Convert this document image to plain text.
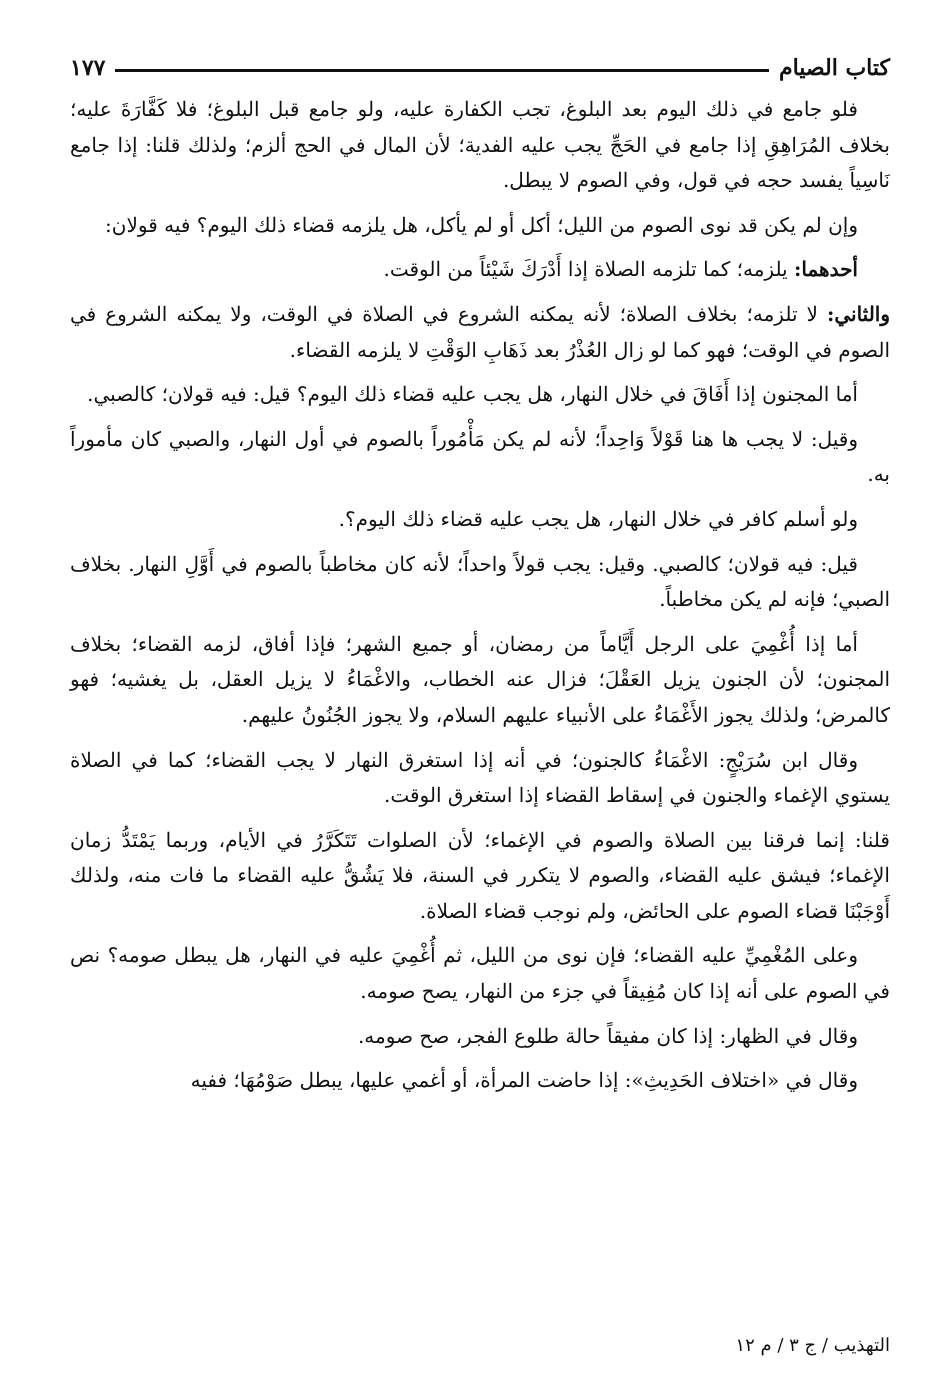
كتاب الصيام
١٧٧

فلو جامع في ذلك اليوم بعد البلوغ، تجب الكفارة عليه، ولو جامع قبل البلوغ؛ فلا كَفَّارَةَ عليه؛ بخلاف المُرَاهِقِ إذا جامع في الحَجِّ يجب عليه الفدية؛ لأن المال في الحج ألزم؛ ولذلك قلنا: إذا جامع نَاسِياً يفسد حجه في قول، وفي الصوم لا يبطل.

وإن لم يكن قد نوى الصوم من الليل؛ أكل أو لم يأكل، هل يلزمه قضاء ذلك اليوم؟ فيه قولان:

أحدهما: يلزمه؛ كما تلزمه الصلاة إذا أَدْرَكَ شَيْئاً من الوقت.

والثاني: لا تلزمه؛ بخلاف الصلاة؛ لأنه يمكنه الشروع في الصلاة في الوقت، ولا يمكنه الشروع في الصوم في الوقت؛ فهو كما لو زال العُذْرُ بعد ذَهَابِ الوَقْتِ لا يلزمه القضاء.

أما المجنون إذا أَفَاقَ في خلال النهار، هل يجب عليه قضاء ذلك اليوم؟ قيل: فيه قولان؛ كالصبي.

وقيل: لا يجب ها هنا قَوْلاً وَاحِداً؛ لأنه لم يكن مَأْمُوراً بالصوم في أول النهار، والصبي كان مأموراً به.

ولو أسلم كافر في خلال النهار، هل يجب عليه قضاء ذلك اليوم؟.

قيل: فيه قولان؛ كالصبي. وقيل: يجب قولاً واحداً؛ لأنه كان مخاطباً بالصوم في أَوَّلِ النهار. بخلاف الصبي؛ فإنه لم يكن مخاطباً.

أما إذا أُغْمِيَ على الرجل أَيَّاماً من رمضان، أو جميع الشهر؛ فإذا أفاق، لزمه القضاء؛ بخلاف المجنون؛ لأن الجنون يزيل العَقْلَ؛ فزال عنه الخطاب، والاغْمَاءُ لا يزيل العقل، بل يغشيه؛ فهو كالمرض؛ ولذلك يجوز الأَغْمَاءُ على الأنبياء عليهم السلام، ولا يجوز الجُنُونُ عليهم.

وقال ابن سُرَيْجٍ: الاغْمَاءُ كالجنون؛ في أنه إذا استغرق النهار لا يجب القضاء؛ كما في الصلاة يستوي الإغماء والجنون في إسقاط القضاء إذا استغرق الوقت.

قلنا: إنما فرقنا بين الصلاة والصوم في الإغماء؛ لأن الصلوات تَتَكَرَّرُ في الأيام، وربما يَمْتَدُّ زمان الإغماء؛ فيشق عليه القضاء، والصوم لا يتكرر في السنة، فلا يَشُقُّ عليه القضاء ما فات منه، ولذلك أَوْجَبْنَا قضاء الصوم على الحائض، ولم نوجب قضاء الصلاة.

وعلى المُغْمِيِّ عليه القضاء؛ فإن نوى من الليل، ثم أُغْمِيَ عليه في النهار، هل يبطل صومه؟ نص في الصوم على أنه إذا كان مُفِيقاً في جزء من النهار، يصح صومه.

وقال في الظهار: إذا كان مفيقاً حالة طلوع الفجر، صح صومه.

وقال في «اختلاف الحَدِيثِ»: إذا حاضت المرأة، أو أغمي عليها، يبطل صَوْمُهَا؛ ففيه

التهذيب / ج ٣ / م ١٢
